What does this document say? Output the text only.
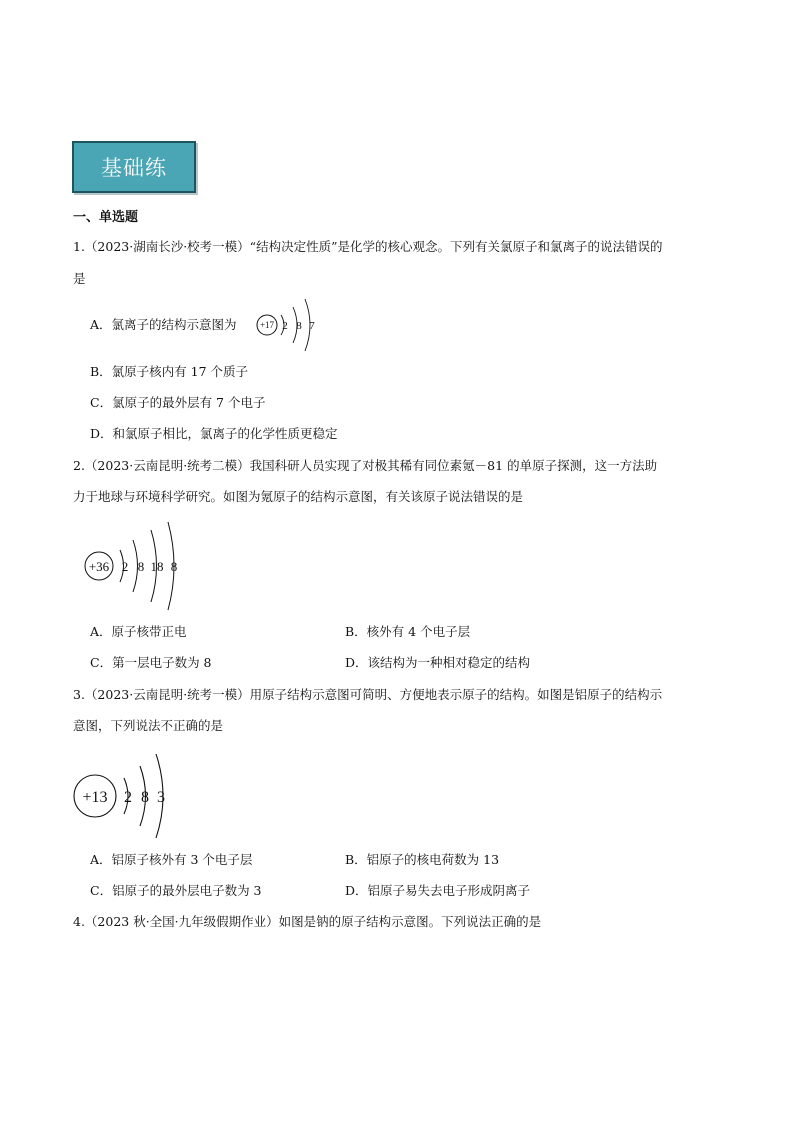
基础练
一、单选题
1.（2023·湖南长沙·校考一模）“结构决定性质”是化学的核心观念。下列有关氯原子和氯离子的说法错误的
是
A．氯离子的结构示意图为	+17 2 8 7
B．氯原子核内有 17 个质子
C．氯原子的最外层有 7 个电子
D．和氯原子相比，氯离子的化学性质更稳定
2.（2023·云南昆明·统考二模）我国科研人员实现了对极其稀有同位素氪－81 的单原子探测，这一方法助
力于地球与环境科学研究。如图为氪原子的结构示意图，有关该原子说法错误的是
+36 2 8 18 8
A．原子核带正电	B．核外有 4 个电子层
C．第一层电子数为 8	D．该结构为一种相对稳定的结构
3.（2023·云南昆明·统考一模）用原子结构示意图可简明、方便地表示原子的结构。如图是铝原子的结构示
意图，下列说法不正确的是
+13 2 8 3
A．铝原子核外有 3 个电子层	B．铝原子的核电荷数为 13
C．铝原子的最外层电子数为 3	D．铝原子易失去电子形成阴离子
4.（2023 秋·全国·九年级假期作业）如图是钠的原子结构示意图。下列说法正确的是
